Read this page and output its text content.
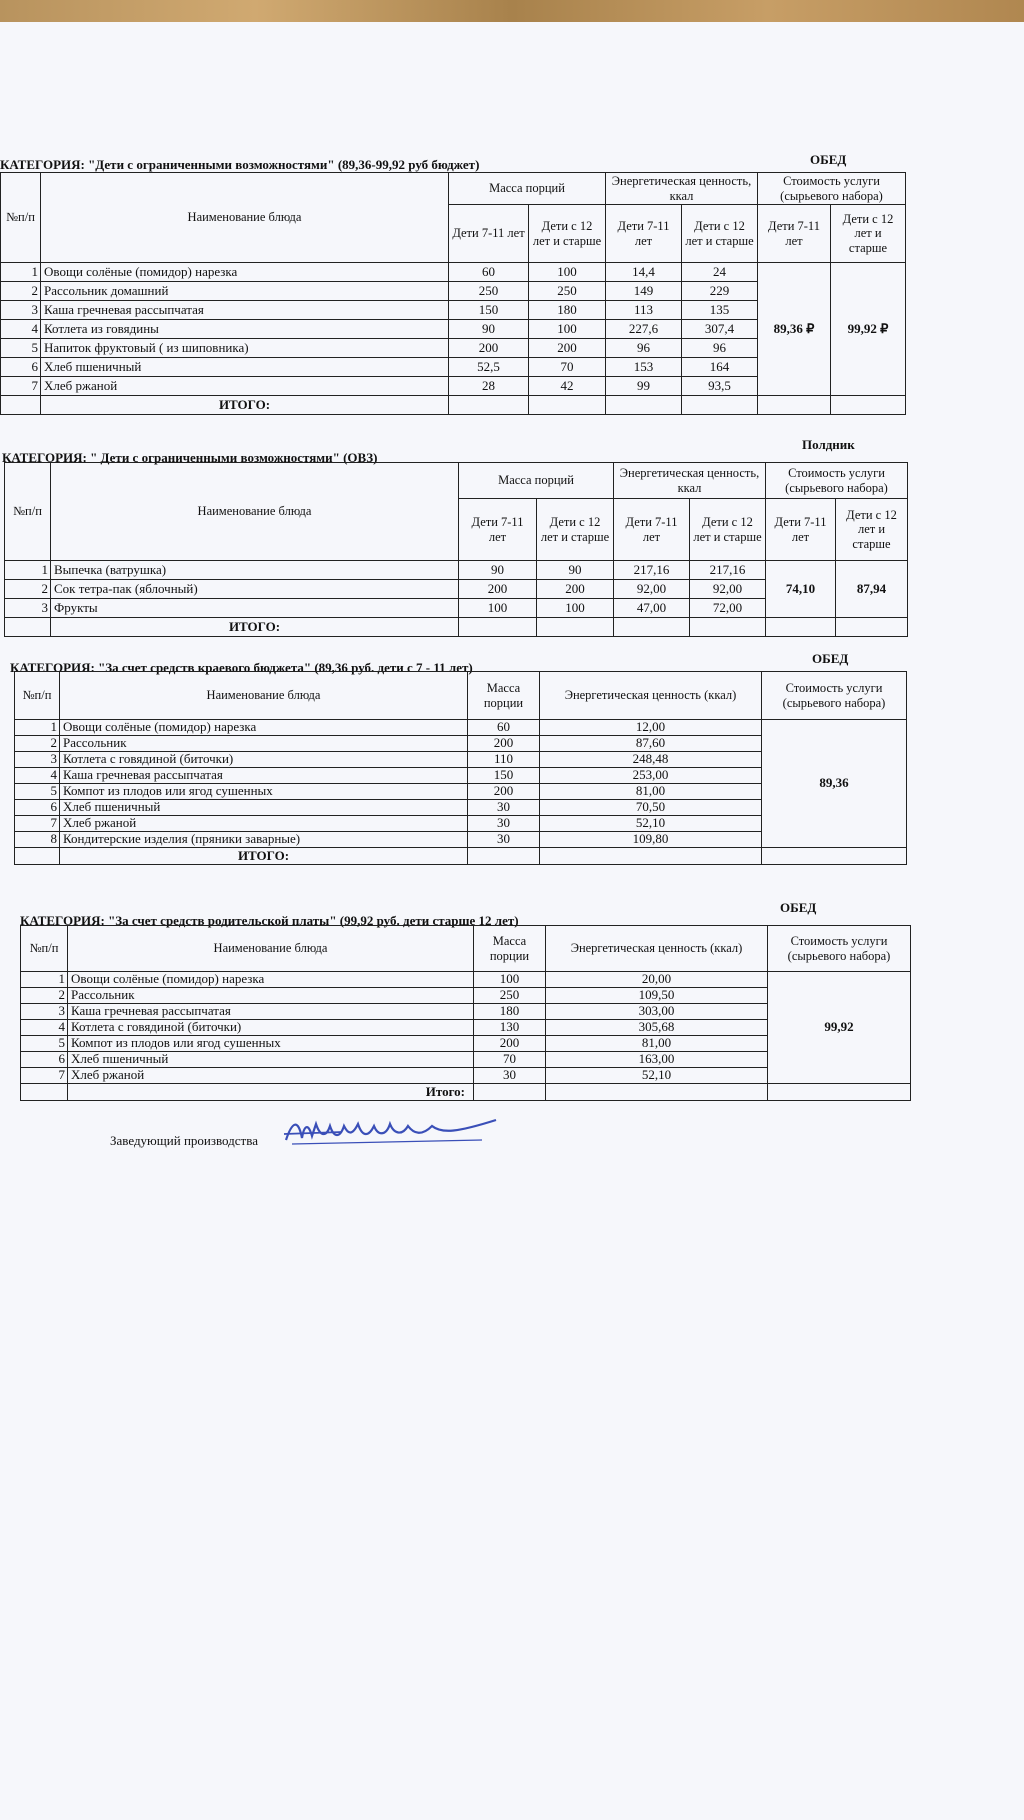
КАТЕГОРИЯ: "Дети с ограниченными возможностями" (89,36-99,92 руб бюджет)	ОБЕД
№п/п	Наименование блюда	Масса порций		Энергетическая ценность, ккал		Стоимость услуги (сырьевого набора)	
		Дети 7-11 лет	Дети с 12 лет и старше	Дети 7-11 лет	Дети с 12 лет и старше	Дети 7-11 лет	Дети с 12 лет и старше
1	Овощи солёные (помидор) нарезка	60	100	14,4	24	89,36 ₽	99,92 ₽
2	Рассольник домашний	250	250	149	229		
3	Каша гречневая рассыпчатая	150	180	113	135		
4	Котлета из говядины	90	100	227,6	307,4		
5	Напиток фруктовый ( из шиповника)	200	200	96	96		
6	Хлеб пшеничный	52,5	70	153	164		
7	Хлеб ржаной	28	42	99	93,5		
	ИТОГО:						
КАТЕГОРИЯ: " Дети с ограниченными возможностями" (ОВЗ)
Полдник
№п/п	Наименование блюда	Масса порций		Энергетическая ценность, ккал		Стоимость услуги (сырьевого набора)	
		Дети 7-11 лет	Дети с 12 лет и старше	Дети 7-11 лет	Дети с 12 лет и старше	Дети 7-11 лет	Дети с 12 лет и старше
1	Выпечка (ватрушка)	90	90	217,16	217,16	74,10	87,94
2	Сок тетра-пак (яблочный)	200	200	92,00	92,00		
3	Фрукты	100	100	47,00	72,00		
	ИТОГО:						
КАТЕГОРИЯ: "За счет средств краевого бюджета" (89,36 руб. дети с 7 - 11 лет)
ОБЕД
№п/п	Наименование блюда	Масса порции	Энергетическая ценность (ккал)	Стоимость услуги (сырьевого набора)
1	Овощи солёные (помидор) нарезка	60	12,00	89,36
2	Рассольник	200	87,60	
3	Котлета с говядиной (биточки)	110	248,48	
4	Каша гречневая рассыпчатая	150	253,00	
5	Компот из плодов или ягод сушенных	200	81,00	
6	Хлеб пшеничный	30	70,50	
7	Хлеб ржаной	30	52,10	
8	Кондитерские изделия (пряники заварные)	30	109,80	
	ИТОГО:			
КАТЕГОРИЯ: "За счет средств родительской платы" (99,92 руб. дети старше 12 лет)
ОБЕД
№п/п	Наименование блюда	Масса порции	Энергетическая ценность (ккал)	Стоимость услуги (сырьевого набора)
1	Овощи солёные (помидор) нарезка	100	20,00	99,92
2	Рассольник	250	109,50	
3	Каша гречневая рассыпчатая	180	303,00	
4	Котлета с говядиной (биточки)	130	305,68	
5	Компот из плодов или ягод сушенных	200	81,00	
6	Хлеб пшеничный	70	163,00	
7	Хлеб ржаной	30	52,10	
	Итого:			
Заведующий производства
